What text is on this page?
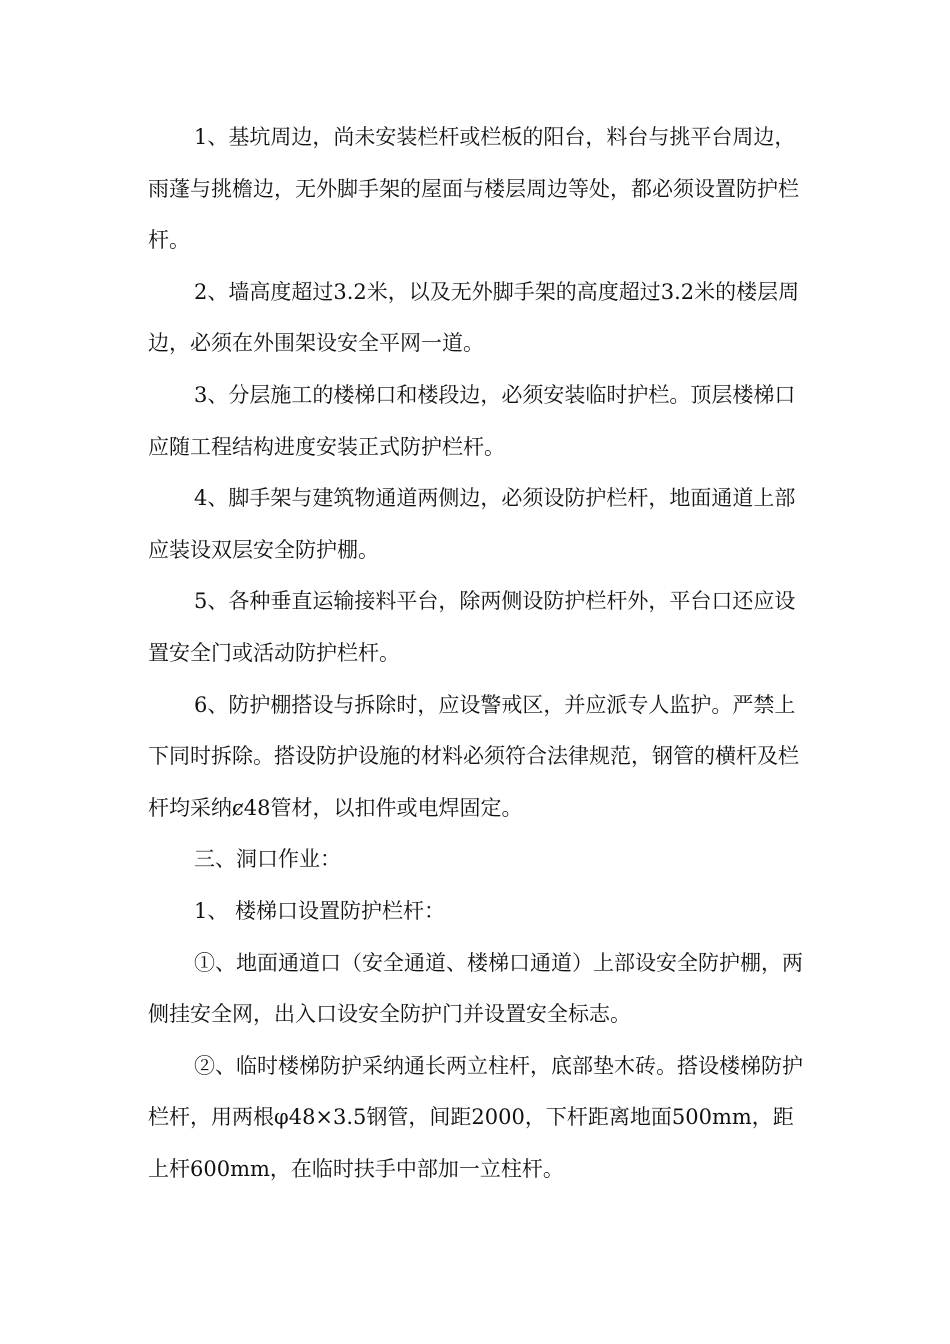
1、基坑周边，尚未安装栏杆或栏板的阳台，料台与挑平台周边，雨蓬与挑檐边，无外脚手架的屋面与楼层周边等处，都必须设置防护栏杆。

2、墙高度超过3.2米，以及无外脚手架的高度超过3.2米的楼层周边，必须在外围架设安全平网一道。

3、分层施工的楼梯口和楼段边，必须安装临时护栏。顶层楼梯口应随工程结构进度安装正式防护栏杆。

4、脚手架与建筑物通道两侧边，必须设防护栏杆，地面通道上部应装设双层安全防护棚。

5、各种垂直运输接料平台，除两侧设防护栏杆外，平台口还应设置安全门或活动防护栏杆。

6、防护棚搭设与拆除时，应设警戒区，并应派专人监护。严禁上下同时拆除。搭设防护设施的材料必须符合法律规范，钢管的横杆及栏杆均采纳ȼ48管材，以扣件或电焊固定。

三、洞口作业：

1、 楼梯口设置防护栏杆：

①、地面通道口（安全通道、楼梯口通道）上部设安全防护棚，两侧挂安全网，出入口设安全防护门并设置安全标志。

②、临时楼梯防护采纳通长两立柱杆，底部垫木砖。搭设楼梯防护栏杆，用两根φ48×3.5钢管，间距2000，下杆距离地面500mm，距上杆600mm，在临时扶手中部加一立柱杆。
